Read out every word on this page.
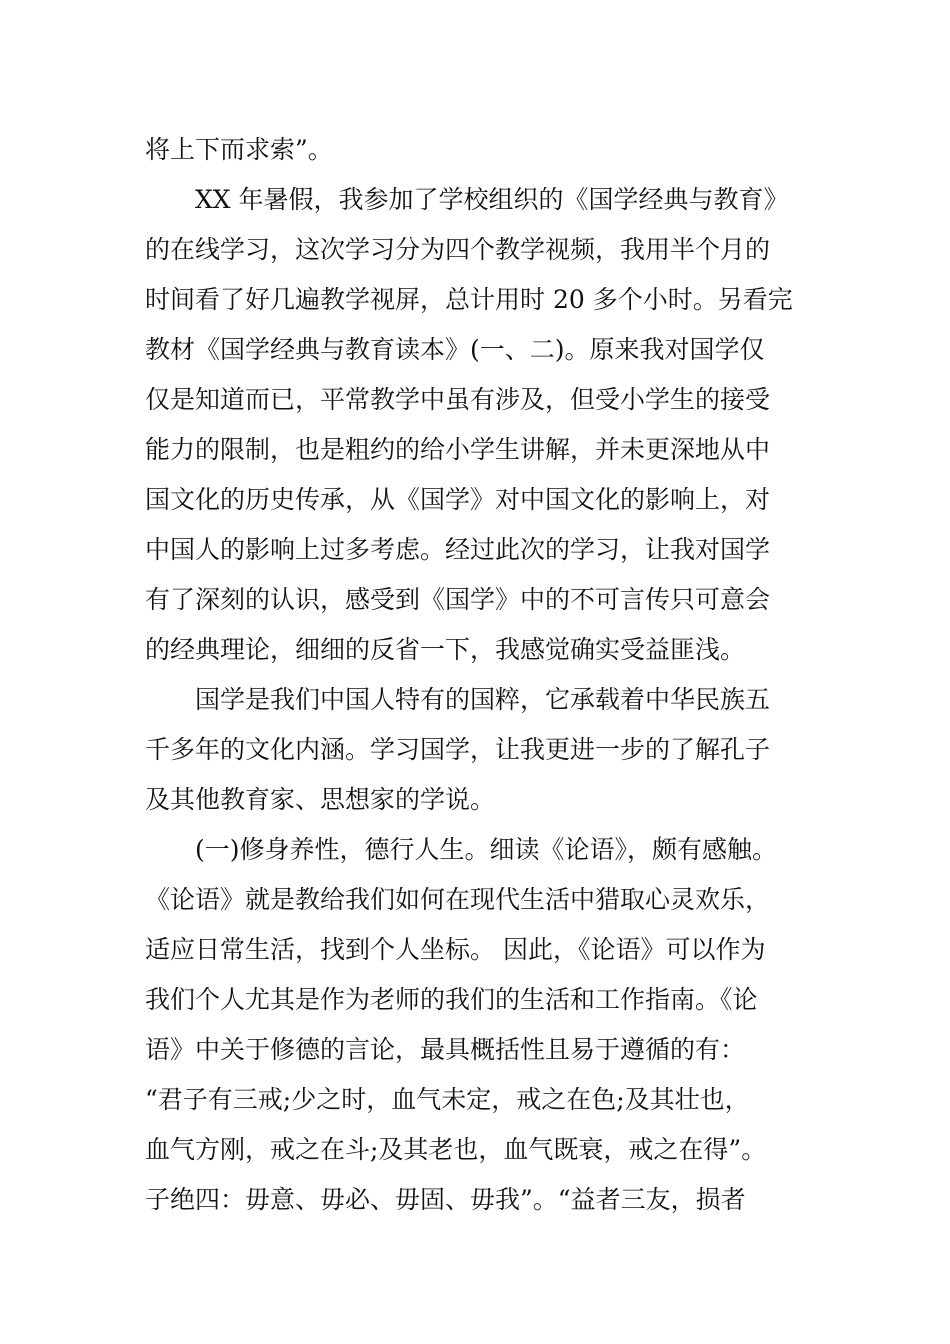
将上下而求索”。
　　XX 年暑假，我参加了学校组织的《国学经典与教育》
的在线学习，这次学习分为四个教学视频，我用半个月的
时间看了好几遍教学视屏，总计用时 20 多个小时。另看完
教材《国学经典与教育读本》(一、二)。原来我对国学仅
仅是知道而已，平常教学中虽有涉及，但受小学生的接受
能力的限制，也是粗约的给小学生讲解，并未更深地从中
国文化的历史传承，从《国学》对中国文化的影响上，对
中国人的影响上过多考虑。经过此次的学习，让我对国学
有了深刻的认识，感受到《国学》中的不可言传只可意会
的经典理论，细细的反省一下，我感觉确实受益匪浅。
　　国学是我们中国人特有的国粹，它承载着中华民族五
千多年的文化内涵。学习国学，让我更进一步的了解孔子
及其他教育家、思想家的学说。
　　(一)修身养性，德行人生。细读《论语》，颇有感触。
《论语》就是教给我们如何在现代生活中猎取心灵欢乐，
适应日常生活，找到个人坐标。 因此，《论语》可以作为
我们个人尤其是作为老师的我们的生活和工作指南。《论
语》中关于修德的言论，最具概括性且易于遵循的有：
“君子有三戒;少之时，血气未定，戒之在色;及其壮也，
血气方刚，戒之在斗;及其老也，血气既衰，戒之在得”。
子绝四：毋意、毋必、毋固、毋我”。“益者三友，损者
